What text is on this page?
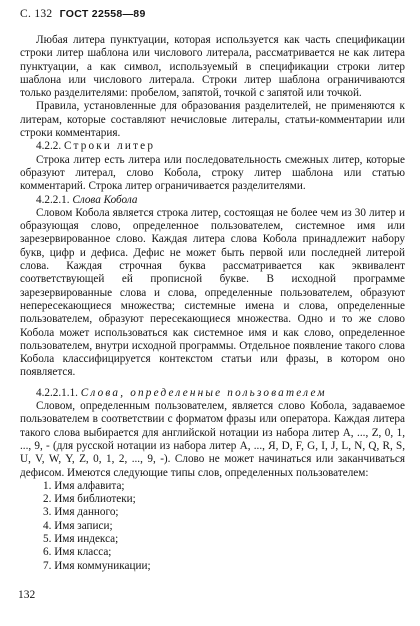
С. 132 ГОСТ 22558—89

Любая литера пунктуации, которая используется как часть спецификации строки литер шаблона или числового литерала, рассматривается не как литера пунктуации, а как символ, используемый в спецификации строки литер шаблона или числового литерала. Строки литер шаблона ограничиваются только разделителями: пробелом, запятой, точкой с запятой или точкой.

Правила, установленные для образования разделителей, не применяются к литерам, которые составляют нечисловые литералы, статьи-комментарии или строки комментария.

4.2.2. Строки литер

Строка литер есть литера или последовательность смежных литер, которые образуют литерал, слово Кобола, строку литер шаблона или статью комментарий. Строка литер ограничивается разделителями.

4.2.2.1. Слова Кобола

Словом Кобола является строка литер, состоящая не более чем из 30 литер и образующая слово, определенное пользователем, системное имя или зарезервированное слово. Каждая литера слова Кобола принадлежит набору букв, цифр и дефиса. Дефис не может быть первой или последней литерой слова. Каждая строчная буква рассматривается как эквивалент соответствующей ей прописной букве. В исходной программе зарезервированные слова и слова, определенные пользователем, образуют непересекающиеся множества; системные имена и слова, определенные пользователем, образуют пересекающиеся множества. Одно и то же слово Кобола может использоваться как системное имя и как слово, определенное пользователем, внутри исходной программы. Отдельное появление такого слова Кобола классифицируется контекстом статьи или фразы, в котором оно появляется.

4.2.2.1.1. Слова, определенные пользователем

Словом, определенным пользователем, является слово Кобола, задаваемое пользователем в соответствии с форматом фразы или оператора. Каждая литера такого слова выбирается для английской нотации из набора литер A, ..., Z, 0, 1, ..., 9, - (для русской нотации из набора литер А, ..., Я, D, F, G, I, J, L, N, Q, R, S, U, V, W, Y, Z, 0, 1, 2, ..., 9, -). Слово не может начинаться или заканчиваться дефисом. Имеются следующие типы слов, определенных пользователем:

1. Имя алфавита;
2. Имя библиотеки;
3. Имя данного;
4. Имя записи;
5. Имя индекса;
6. Имя класса;
7. Имя коммуникации;
132
